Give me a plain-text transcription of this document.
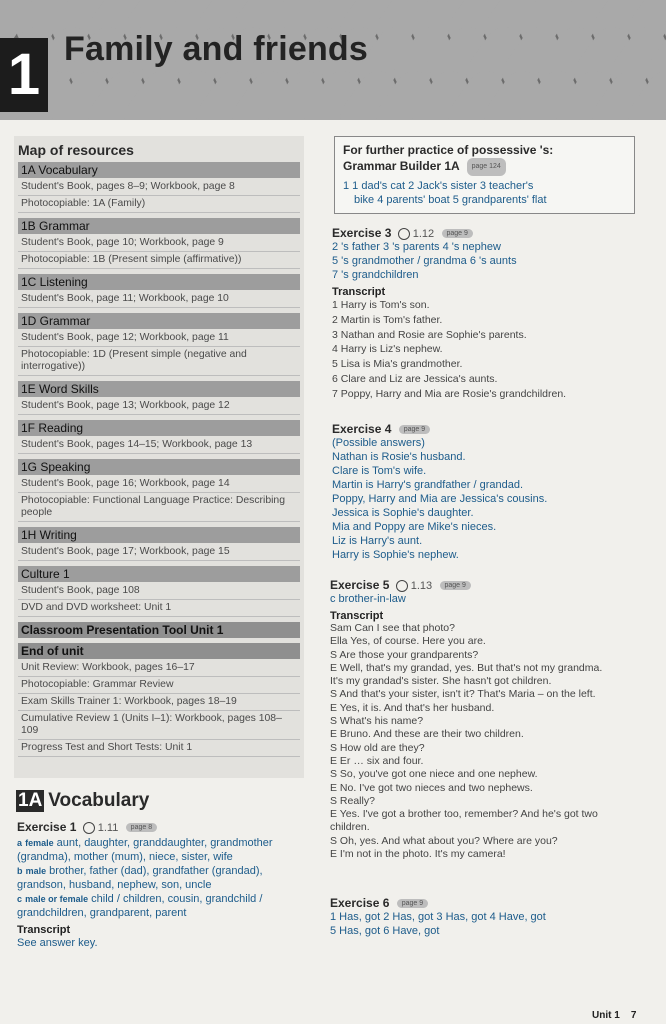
1 Family and friends
Map of resources
1A Vocabulary
Student's Book, pages 8–9; Workbook, page 8
Photocopiable: 1A (Family)
1B Grammar
Student's Book, page 10; Workbook, page 9
Photocopiable: 1B (Present simple (affirmative))
1C Listening
Student's Book, page 11; Workbook, page 10
1D Grammar
Student's Book, page 12; Workbook, page 11
Photocopiable: 1D (Present simple (negative and interrogative))
1E Word Skills
Student's Book, page 13; Workbook, page 12
1F Reading
Student's Book, pages 14–15; Workbook, page 13
1G Speaking
Student's Book, page 16; Workbook, page 14
Photocopiable: Functional Language Practice: Describing people
1H Writing
Student's Book, page 17; Workbook, page 15
Culture 1
Student's Book, page 108
DVD and DVD worksheet: Unit 1
Classroom Presentation Tool Unit 1
End of unit
Unit Review: Workbook, pages 16–17
Photocopiable: Grammar Review
Exam Skills Trainer 1: Workbook, pages 18–19
Cumulative Review 1 (Units I–1): Workbook, pages 108–109
Progress Test and Short Tests: Unit 1
1A Vocabulary
Exercise 1 1.11 page 8
a female aunt, daughter, granddaughter, grandmother (grandma), mother (mum), niece, sister, wife
b male brother, father (dad), grandfather (grandad), grandson, husband, nephew, son, uncle
c male or female child / children, cousin, grandchild / grandchildren, grandparent, parent
Transcript
See answer key.
For further practice of possessive 's:
Grammar Builder 1A page 124
1 1 dad's cat 2 Jack's sister 3 teacher's
bike 4 parents' boat 5 grandparents' flat
Exercise 3 1.12 page 9
2 's father 3 's parents 4 's nephew
5 's grandmother / grandma 6 's aunts
7 's grandchildren
Transcript
1 Harry is Tom's son.
2 Martin is Tom's father.
3 Nathan and Rosie are Sophie's parents.
4 Harry is Liz's nephew.
5 Lisa is Mia's grandmother.
6 Clare and Liz are Jessica's aunts.
7 Poppy, Harry and Mia are Rosie's grandchildren.
Exercise 4 page 9
(Possible answers)
Nathan is Rosie's husband.
Clare is Tom's wife.
Martin is Harry's grandfather / grandad.
Poppy, Harry and Mia are Jessica's cousins.
Jessica is Sophie's daughter.
Mia and Poppy are Mike's nieces.
Liz is Harry's aunt.
Harry is Sophie's nephew.
Exercise 5 1.13 page 9
c brother-in-law
Transcript
Sam Can I see that photo?
Ella Yes, of course. Here you are.
S Are those your grandparents?
E Well, that's my grandad, yes. But that's not my grandma.
It's my grandad's sister. She hasn't got children.
S And that's your sister, isn't it? That's Maria – on the left.
E Yes, it is. And that's her husband.
S What's his name?
E Bruno. And these are their two children.
S How old are they?
E Er … six and four.
S So, you've got one niece and one nephew.
E No. I've got two nieces and two nephews.
S Really?
E Yes. I've got a brother too, remember? And he's got two
children.
S Oh, yes. And what about you? Where are you?
E I'm not in the photo. It's my camera!
Exercise 6 page 9
1 Has, got 2 Has, got 3 Has, got 4 Have, got
5 Has, got 6 Have, got
Unit 1 7
